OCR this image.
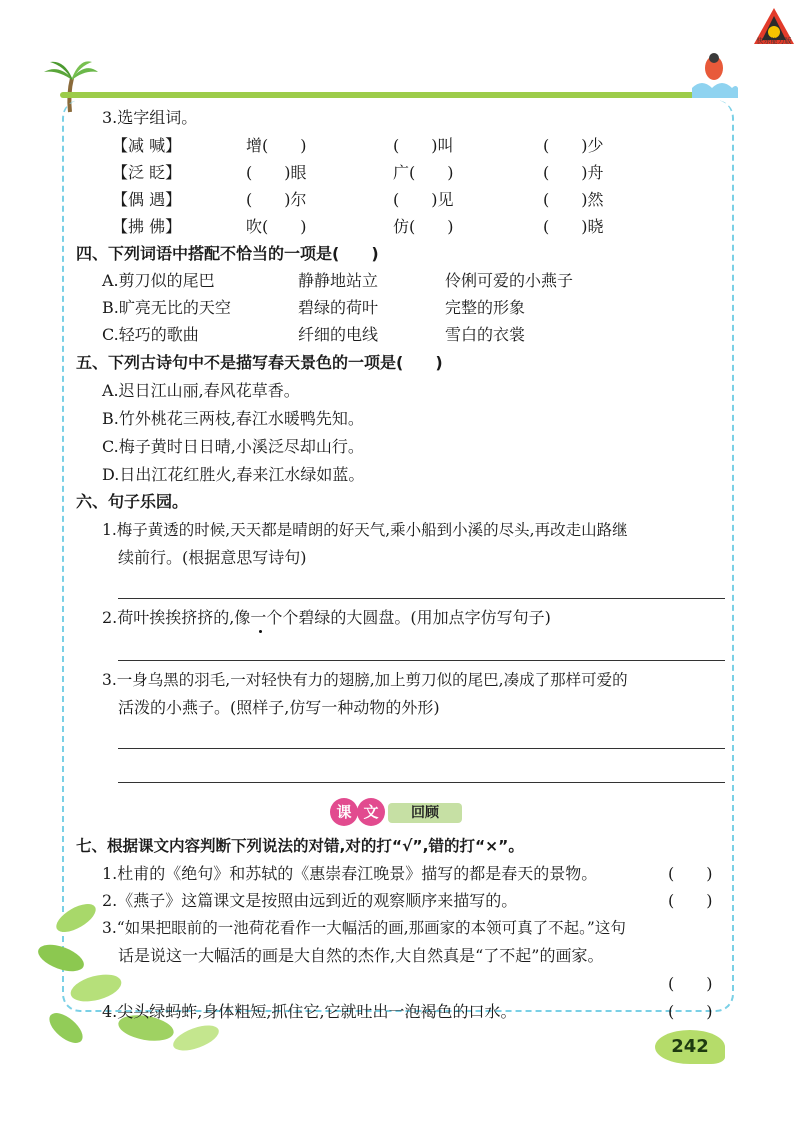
快乐能力版
242
3.选字组词。
【减 喊】	增(　　)	(　　)叫	(　　)少
【泛 眨】	(　　)眼	广(　　)	(　　)舟
【偶 遇】	(　　)尔	(　　)见	(　　)然
【拂 佛】	吹(　　)	仿(　　)	(　　)晓
四、下列词语中搭配不恰当的一项是(　　)
A.剪刀似的尾巴	静静地站立	伶俐可爱的小燕子
B.旷亮无比的天空	碧绿的荷叶	完整的形象
C.轻巧的歌曲	纤细的电线	雪白的衣裳
五、下列古诗句中不是描写春天景色的一项是(　　)
A.迟日江山丽,春风花草香。
B.竹外桃花三两枝,春江水暖鸭先知。
C.梅子黄时日日晴,小溪泛尽却山行。
D.日出江花红胜火,春来江水绿如蓝。
六、句子乐园。
1.梅子黄透的时候,天天都是晴朗的好天气,乘小船到小溪的尽头,再改走山路继
续前行。(根据意思写诗句)
2.荷叶挨挨挤挤的,像一个个碧绿的大圆盘。(用加点字仿写句子)
3.一身乌黑的羽毛,一对轻快有力的翅膀,加上剪刀似的尾巴,凑成了那样可爱的
活泼的小燕子。(照样子,仿写一种动物的外形)
课 文	回顾
七、根据课文内容判断下列说法的对错,对的打“√”,错的打“×”。
1.杜甫的《绝句》和苏轼的《惠崇春江晚景》描写的都是春天的景物。	(　　)
2.《燕子》这篇课文是按照由远到近的观察顺序来描写的。	(　　)
3.“如果把眼前的一池荷花看作一大幅活的画,那画家的本领可真了不起。”这句
话是说这一大幅活的画是大自然的杰作,大自然真是“了不起”的画家。
(　　)
4.尖头绿蚂蚱,身体粗短,抓住它,它就吐出一泡褐色的口水。	(　　)
